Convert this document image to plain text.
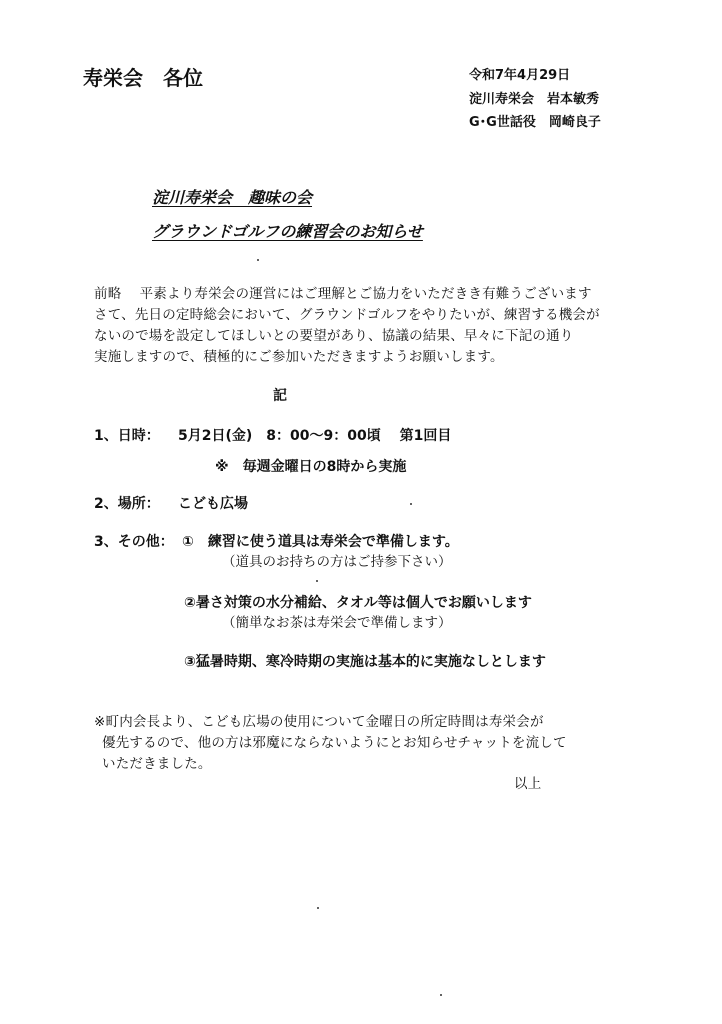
寿栄会　各位	令和7年4月29日
淀川寿栄会　岩本敏秀
G･G世話役　岡崎良子
淀川寿栄会　趣味の会
グラウンドゴルフの練習会のお知らせ
前略　 平素より寿栄会の運営にはご理解とご協力をいただきき有難うございます
さて、先日の定時総会において、グラウンドゴルフをやりたいが、練習する機会が
ないので場を設定してほしいとの要望があり、協議の結果、早々に下記の通り
実施しますので、積極的にご参加いただきますようお願いします。
記
1、日時： 5月2日(金)　8：00～9：00頃　 第1回目
※　毎週金曜日の8時から実施
2、場所： こども広場
3、その他： ①　練習に使う道具は寿栄会で準備します。
（道具のお持ちの方はご持参下さい）
②暑さ対策の水分補給、タオル等は個人でお願いします
（簡単なお茶は寿栄会で準備します）
③猛暑時期、寒冷時期の実施は基本的に実施なしとします
※町内会長より、こども広場の使用について金曜日の所定時間は寿栄会が
優先するので、他の方は邪魔にならないようにとお知らせチャットを流して
いただきました。
以上
